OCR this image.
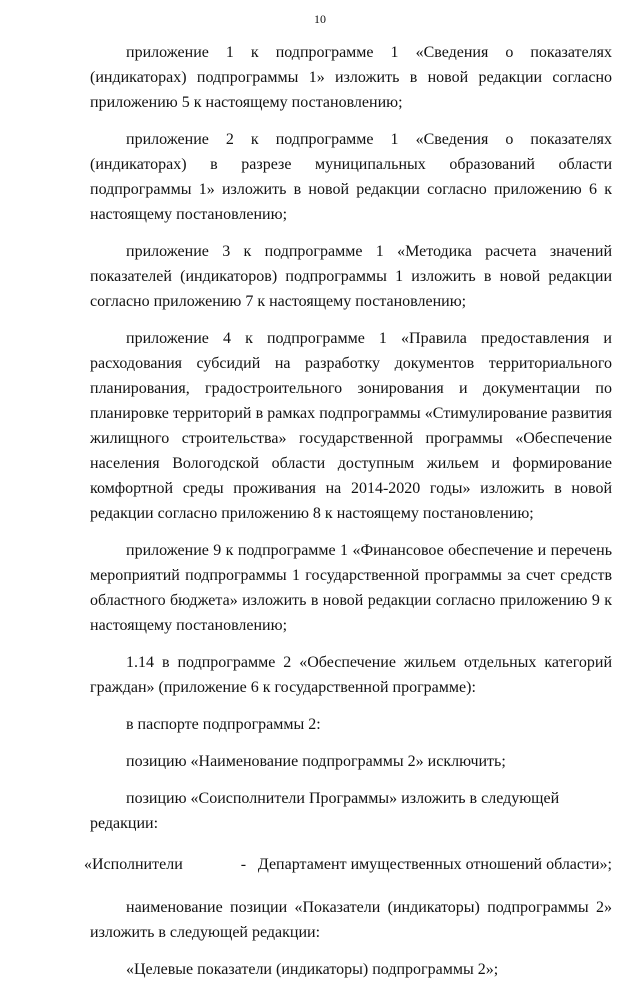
10

приложение 1 к подпрограмме 1 «Сведения о показателях (индикаторах) подпрограммы 1» изложить в новой редакции согласно приложению 5 к настоящему постановлению;

приложение 2 к подпрограмме 1 «Сведения о показателях (индикаторах) в разрезе муниципальных образований области подпрограммы 1» изложить в новой редакции согласно приложению 6 к настоящему постановлению;

приложение 3 к подпрограмме 1 «Методика расчета значений показателей (индикаторов) подпрограммы 1 изложить в новой редакции согласно приложению 7 к настоящему постановлению;

приложение 4 к подпрограмме 1 «Правила предоставления и расходования субсидий на разработку документов территориального планирования, градостроительного зонирования и документации по планировке территорий в рамках подпрограммы «Стимулирование развития жилищного строительства» государственной программы «Обеспечение населения Вологодской области доступным жильем и формирование комфортной среды проживания на 2014-2020 годы» изложить в новой редакции согласно приложению 8 к настоящему постановлению;

приложение 9 к подпрограмме 1 «Финансовое обеспечение и перечень мероприятий подпрограммы 1 государственной программы за счет средств областного бюджета» изложить в новой редакции согласно приложению 9 к настоящему постановлению;

1.14 в подпрограмме 2 «Обеспечение жильем отдельных категорий граждан» (приложение 6 к государственной программе):

в паспорте подпрограммы 2:

позицию «Наименование подпрограммы 2» исключить;

позицию «Соисполнители Программы» изложить в следующей редакции:

«Исполнители	- Департамент имущественных отношений области»;

наименование позиции «Показатели (индикаторы) подпрограммы 2» изложить в следующей редакции:

«Целевые показатели (индикаторы) подпрограммы 2»;
